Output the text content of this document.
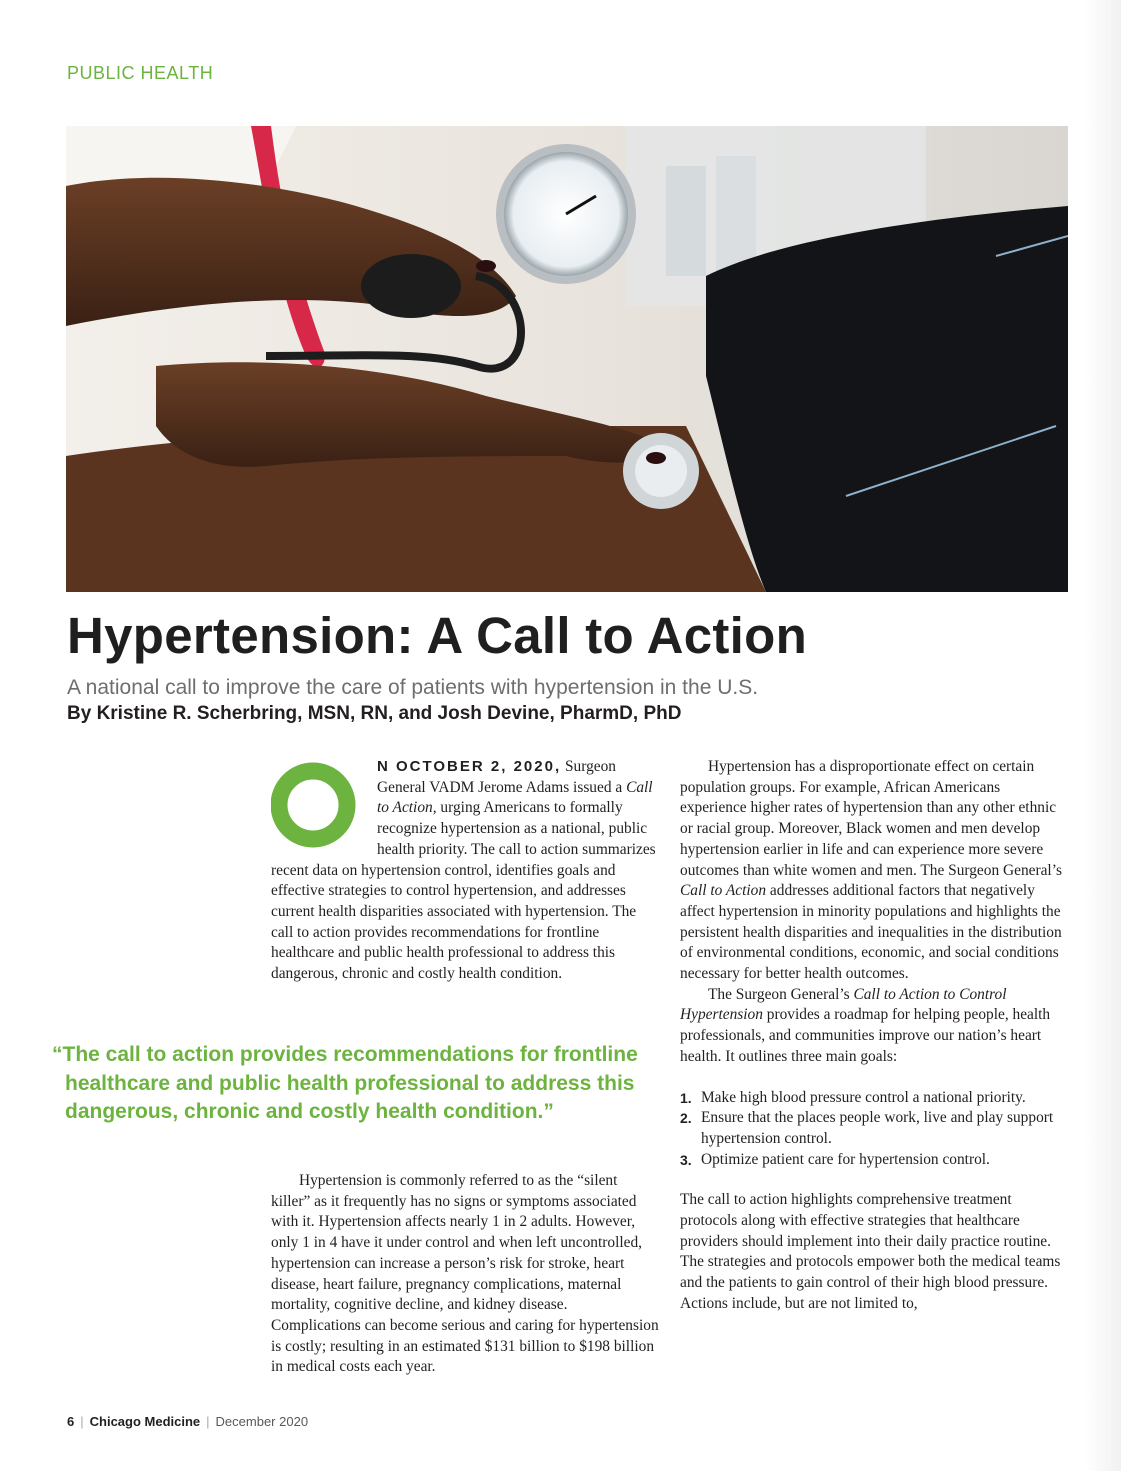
PUBLIC HEALTH
Hypertension: A Call to Action
A national call to improve the care of patients with hypertension in the U.S.
By Kristine R. Scherbring, MSN, RN, and Josh Devine, PharmD, PhD

N OCTOBER 2, 2020, Surgeon General VADM Jerome Adams issued a Call to Action, urging Americans to formally recognize hypertension as a national, public health priority. The call to action summarizes recent data on hypertension control, identifies goals and effective strategies to control hypertension, and addresses current health disparities associated with hypertension. The call to action provides recommendations for frontline healthcare and public health professional to address this dangerous, chronic and costly health condition.

“The call to action provides recommendations for frontline healthcare and public health professional to address this dangerous, chronic and costly health condition.”

Hypertension is commonly referred to as the “silent killer” as it frequently has no signs or symptoms associated with it. Hypertension affects nearly 1 in 2 adults. However, only 1 in 4 have it under control and when left uncontrolled, hypertension can increase a person’s risk for stroke, heart disease, heart failure, pregnancy complications, maternal mortality, cognitive decline, and kidney disease. Complications can become serious and caring for hypertension is costly; resulting in an estimated $131 billion to $198 billion in medical costs each year.

Hypertension has a disproportionate effect on certain population groups. For example, African Americans experience higher rates of hypertension than any other ethnic or racial group. Moreover, Black women and men develop hypertension earlier in life and can experience more severe outcomes than white women and men. The Surgeon General’s Call to Action addresses additional factors that negatively affect hypertension in minority populations and highlights the persistent health disparities and inequalities in the distribution of environmental conditions, economic, and social conditions necessary for better health outcomes.

The Surgeon General’s Call to Action to Control Hypertension provides a roadmap for helping people, health professionals, and communities improve our nation’s heart health. It outlines three main goals:

1. Make high blood pressure control a national priority.
2. Ensure that the places people work, live and play support hypertension control.
3. Optimize patient care for hypertension control.

The call to action highlights comprehensive treatment protocols along with effective strategies that healthcare providers should implement into their daily practice routine. The strategies and protocols empower both the medical teams and the patients to gain control of their high blood pressure. Actions include, but are not limited to,

6 | Chicago Medicine | December 2020
